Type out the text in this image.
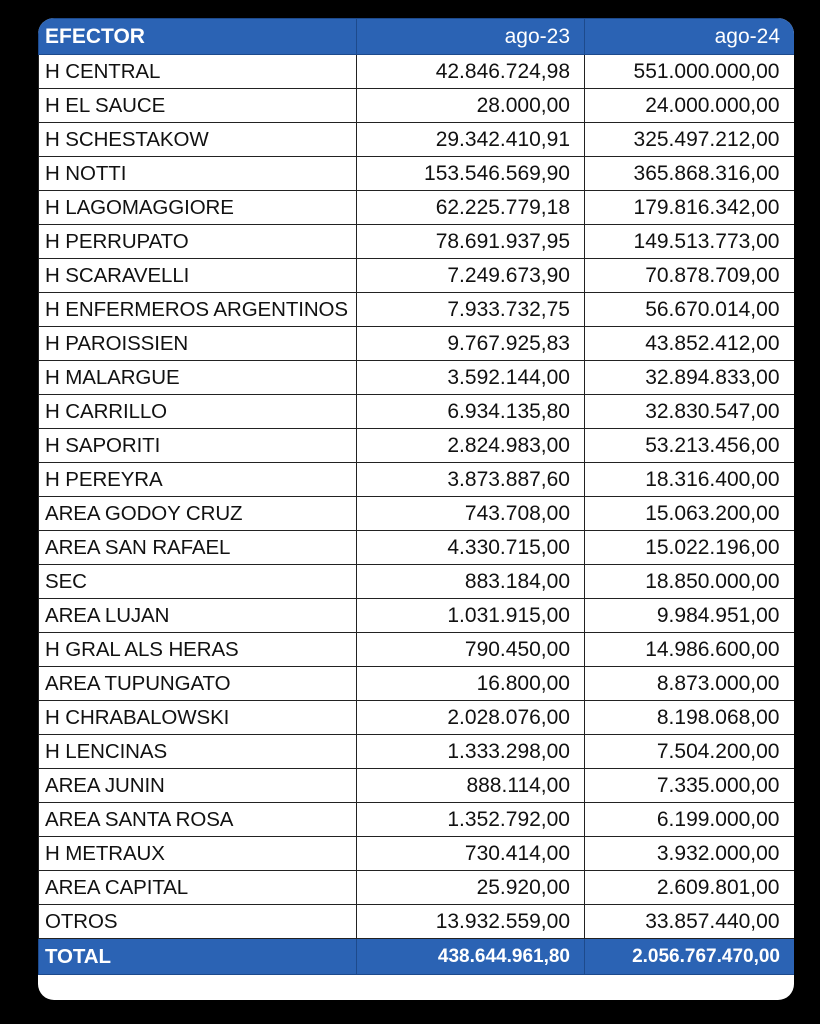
EFECTOR	ago-23	ago-24
H CENTRAL	42.846.724,98	551.000.000,00
H EL SAUCE	28.000,00	24.000.000,00
H SCHESTAKOW	29.342.410,91	325.497.212,00
H NOTTI	153.546.569,90	365.868.316,00
H LAGOMAGGIORE	62.225.779,18	179.816.342,00
H PERRUPATO	78.691.937,95	149.513.773,00
H SCARAVELLI	7.249.673,90	70.878.709,00
H ENFERMEROS ARGENTINOS	7.933.732,75	56.670.014,00
H PAROISSIEN	9.767.925,83	43.852.412,00
H MALARGUE	3.592.144,00	32.894.833,00
H CARRILLO	6.934.135,80	32.830.547,00
H SAPORITI	2.824.983,00	53.213.456,00
H PEREYRA	3.873.887,60	18.316.400,00
AREA GODOY CRUZ	743.708,00	15.063.200,00
AREA SAN RAFAEL	4.330.715,00	15.022.196,00
SEC	883.184,00	18.850.000,00
AREA LUJAN	1.031.915,00	9.984.951,00
H GRAL ALS HERAS	790.450,00	14.986.600,00
AREA TUPUNGATO	16.800,00	8.873.000,00
H CHRABALOWSKI	2.028.076,00	8.198.068,00
H LENCINAS	1.333.298,00	7.504.200,00
AREA JUNIN	888.114,00	7.335.000,00
AREA SANTA ROSA	1.352.792,00	6.199.000,00
H METRAUX	730.414,00	3.932.000,00
AREA CAPITAL	25.920,00	2.609.801,00
OTROS	13.932.559,00	33.857.440,00
TOTAL	438.644.961,80	2.056.767.470,00
